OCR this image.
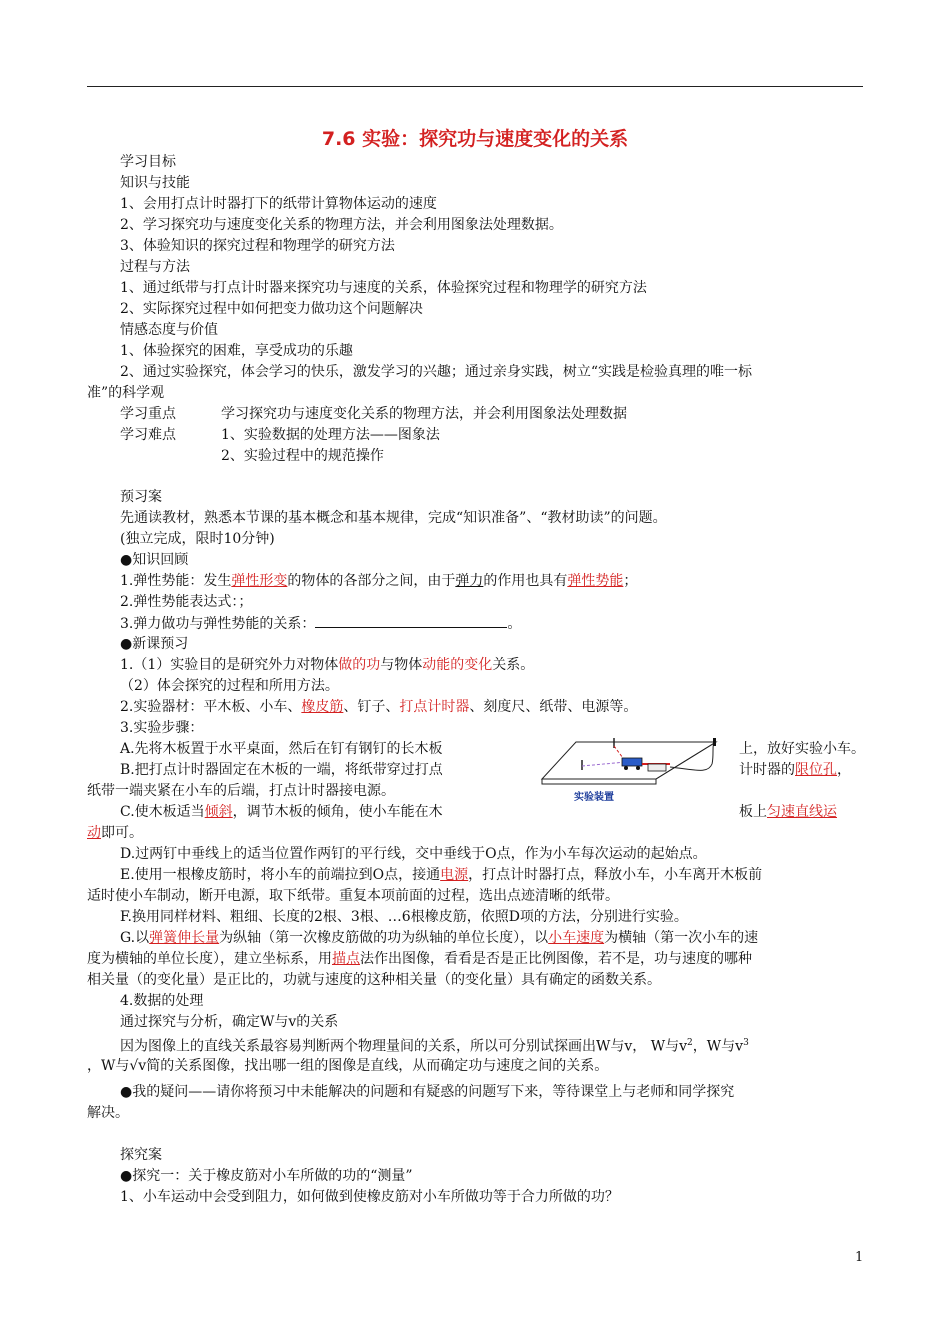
7.6 实验：探究功与速度变化的关系
学习目标
知识与技能
1、会用打点计时器打下的纸带计算物体运动的速度
2、学习探究功与速度变化关系的物理方法，并会利用图象法处理数据。
3、体验知识的探究过程和物理学的研究方法
过程与方法
1、通过纸带与打点计时器来探究功与速度的关系，体验探究过程和物理学的研究方法
2、实际探究过程中如何把变力做功这个问题解决
情感态度与价值
1、体验探究的困难，享受成功的乐趣
2、通过实验探究，体会学习的快乐，激发学习的兴趣；通过亲身实践，树立“实践是检验真理的唯一标
准”的科学观
学习重点	学习探究功与速度变化关系的物理方法，并会利用图象法处理数据
学习难点	1、实验数据的处理方法——图象法
2、实验过程中的规范操作
预习案
先通读教材，熟悉本节课的基本概念和基本规律，完成“知识准备”、“教材助读”的问题。
(独立完成，限时10分钟)
●知识回顾
1.弹性势能：发生弹性形变的物体的各部分之间，由于弹力的作用也具有弹性势能；
2.弹性势能表达式：；
3.弹力做功与弹性势能的关系：	。
●新课预习
1.（1）实验目的是研究外力对物体做的功与物体动能的变化关系。
（2）体会探究的过程和所用方法。
2.实验器材：平木板、小车、橡皮筋、钉子、打点计时器、刻度尺、纸带、电源等。
3.实验步骤：
A.先将木板置于水平桌面，然后在钉有钢钉的长木板	上，放好实验小车。
B.把打点计时器固定在木板的一端，将纸带穿过打点	计时器的限位孔，
纸带一端夹紧在小车的后端，打点计时器接电源。
C.使木板适当倾斜，调节木板的倾角，使小车能在木	板上匀速直线运
动即可。
实验装置
D.过两钉中垂线上的适当位置作两钉的平行线，交中垂线于O点，作为小车每次运动的起始点。
E.使用一根橡皮筋时，将小车的前端拉到O点，接通电源，打点计时器打点，释放小车，小车离开木板前
适时使小车制动，断开电源，取下纸带。重复本项前面的过程，选出点迹清晰的纸带。
F.换用同样材料、粗细、长度的2根、3根、…6根橡皮筋，依照D项的方法，分别进行实验。
G.以弹簧伸长量为纵轴（第一次橡皮筋做的功为纵轴的单位长度），以小车速度为横轴（第一次小车的速
度为横轴的单位长度），建立坐标系，用描点法作出图像，看看是否是正比例图像，若不是，功与速度的哪种
相关量（的变化量）是正比的，功就与速度的这种相关量（的变化量）具有确定的函数关系。
4.数据的处理
通过探究与分析，确定W与v的关系
因为图像上的直线关系最容易判断两个物理量间的关系，所以可分别试探画出W与v， W与$v^2$，W与$v^3$
，W与√v简的关系图像，找出哪一组的图像是直线，从而确定功与速度之间的关系。
●我的疑问——请你将预习中未能解决的问题和有疑惑的问题写下来，等待课堂上与老师和同学探究
解决。
探究案
●探究一：关于橡皮筋对小车所做的功的“测量”
1、小车运动中会受到阻力，如何做到使橡皮筋对小车所做功等于合力所做的功？
1
